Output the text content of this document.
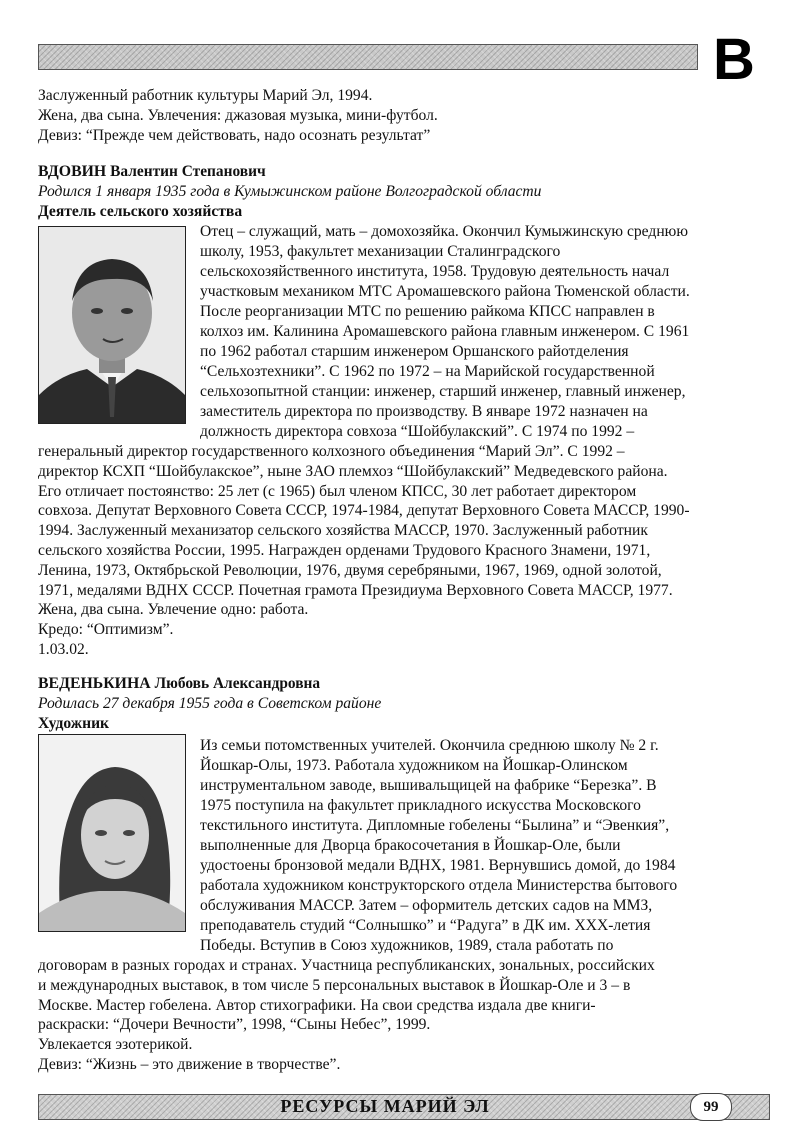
В
Заслуженный работник культуры Марий Эл, 1994.
Жена, два сына. Увлечения: джазовая музыка, мини-футбол.
Девиз: “Прежде чем действовать, надо осознать результат”
ВДОВИН Валентин Степанович
Родился 1 января 1935 года в Кумыжинском районе Волгоградской области
Деятель сельского хозяйства
Отец – служащий, мать – домохозяйка. Окончил Кумыжинскую среднюю
школу, 1953, факультет механизации Сталинградского
сельскохозяйственного института, 1958. Трудовую деятельность начал
участковым механиком МТС Аромашевского района Тюменской области.
После реорганизации МТС по решению райкома КПСС направлен в
колхоз им. Калинина Аромашевского района главным инженером. С 1961
по 1962 работал старшим инженером Оршанского райотделения
“Сельхозтехники”. С 1962 по 1972 – на Марийской государственной
сельхозопытной станции: инженер, старший инженер, главный инженер,
заместитель директора по производству. В январе 1972 назначен на
должность директора совхоза “Шойбулакский”. С 1974 по 1992 –
генеральный директор государственного колхозного объединения “Марий Эл”. С 1992 –
директор КСХП “Шойбулакское”, ныне ЗАО племхоз “Шойбулакский” Медведевского района.
Его отличает постоянство: 25 лет (с 1965) был членом КПСС, 30 лет работает директором
совхоза. Депутат Верховного Совета СССР, 1974-1984, депутат Верховного Совета МАССР, 1990-
1994. Заслуженный механизатор сельского хозяйства МАССР, 1970. Заслуженный работник
сельского хозяйства России, 1995. Награжден орденами Трудового Красного Знамени, 1971,
Ленина, 1973, Октябрьской Революции, 1976, двумя серебряными, 1967, 1969, одной золотой,
1971, медалями ВДНХ СССР. Почетная грамота Президиума Верховного Совета МАССР, 1977.
Жена, два сына. Увлечение одно: работа.
Кредо: “Оптимизм”.
1.03.02.
ВЕДЕНЬКИНА Любовь Александровна
Родилась 27 декабря 1955 года в Советском районе
Художник
Из семьи потомственных учителей. Окончила среднюю школу № 2 г.
Йошкар-Олы, 1973. Работала художником на Йошкар-Олинском
инструментальном заводе, вышивальщицей на фабрике “Березка”. В
1975 поступила на факультет прикладного искусства Московского
текстильного института. Дипломные гобелены “Былина” и “Эвенкия”,
выполненные для Дворца бракосочетания в Йошкар-Оле, были
удостоены бронзовой медали ВДНХ, 1981. Вернувшись домой, до 1984
работала художником конструкторского отдела Министерства бытового
обслуживания МАССР. Затем – оформитель детских садов на ММЗ,
преподаватель студий “Солнышко” и “Радуга” в ДК им. XXX-летия
Победы. Вступив в Союз художников, 1989, стала работать по
договорам в разных городах и странах. Участница республиканских, зональных, российских
и международных выставок, в том числе 5 персональных выставок в Йошкар-Оле и 3 – в
Москве. Мастер гобелена. Автор стихографики. На свои средства издала две книги-
раскраски: “Дочери Вечности”, 1998, “Сыны Небес”, 1999.
Увлекается эзотерикой.
Девиз: “Жизнь – это движение в творчестве”.
РЕСУРСЫ МАРИЙ ЭЛ	99
